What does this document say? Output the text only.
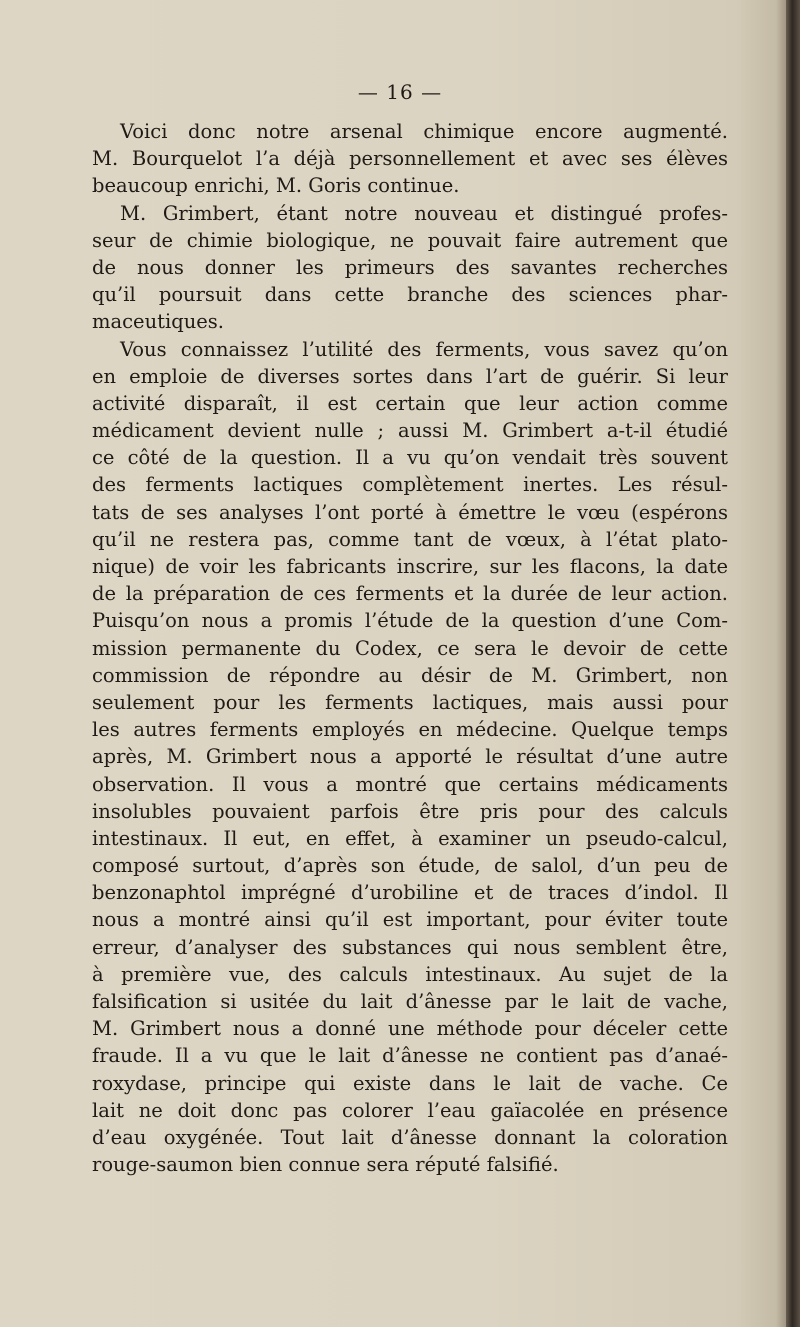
— 16 —
Voici donc notre arsenal chimique encore augmenté.
M. Bourquelot l’a déjà personnellement et avec ses élèves
beaucoup enrichi, M. Goris continue.
M. Grimbert, étant notre nouveau et distingué profes-
seur de chimie biologique, ne pouvait faire autrement que
de nous donner les primeurs des savantes recherches
qu’il poursuit dans cette branche des sciences phar-
maceutiques.
Vous connaissez l’utilité des ferments, vous savez qu’on
en emploie de diverses sortes dans l’art de guérir. Si leur
activité disparaît, il est certain que leur action comme
médicament devient nulle ; aussi M. Grimbert a-t-il étudié
ce côté de la question. Il a vu qu’on vendait très souvent
des ferments lactiques complètement inertes. Les résul-
tats de ses analyses l’ont porté à émettre le vœu (espérons
qu’il ne restera pas, comme tant de vœux, à l’état plato-
nique) de voir les fabricants inscrire, sur les flacons, la date
de la préparation de ces ferments et la durée de leur action.
Puisqu’on nous a promis l’étude de la question d’une Com-
mission permanente du Codex, ce sera le devoir de cette
commission de répondre au désir de M. Grimbert, non
seulement pour les ferments lactiques, mais aussi pour
les autres ferments employés en médecine. Quelque temps
après, M. Grimbert nous a apporté le résultat d’une autre
observation. Il vous a montré que certains médicaments
insolubles pouvaient parfois être pris pour des calculs
intestinaux. Il eut, en effet, à examiner un pseudo-calcul,
composé surtout, d’après son étude, de salol, d’un peu de
benzonaphtol imprégné d’urobiline et de traces d’indol. Il
nous a montré ainsi qu’il est important, pour éviter toute
erreur, d’analyser des substances qui nous semblent être,
à première vue, des calculs intestinaux. Au sujet de la
falsification si usitée du lait d’ânesse par le lait de vache,
M. Grimbert nous a donné une méthode pour déceler cette
fraude. Il a vu que le lait d’ânesse ne contient pas d’anaé-
roxydase, principe qui existe dans le lait de vache. Ce
lait ne doit donc pas colorer l’eau gaïacolée en présence
d’eau oxygénée. Tout lait d’ânesse donnant la coloration
rouge-saumon bien connue sera réputé falsifié.
